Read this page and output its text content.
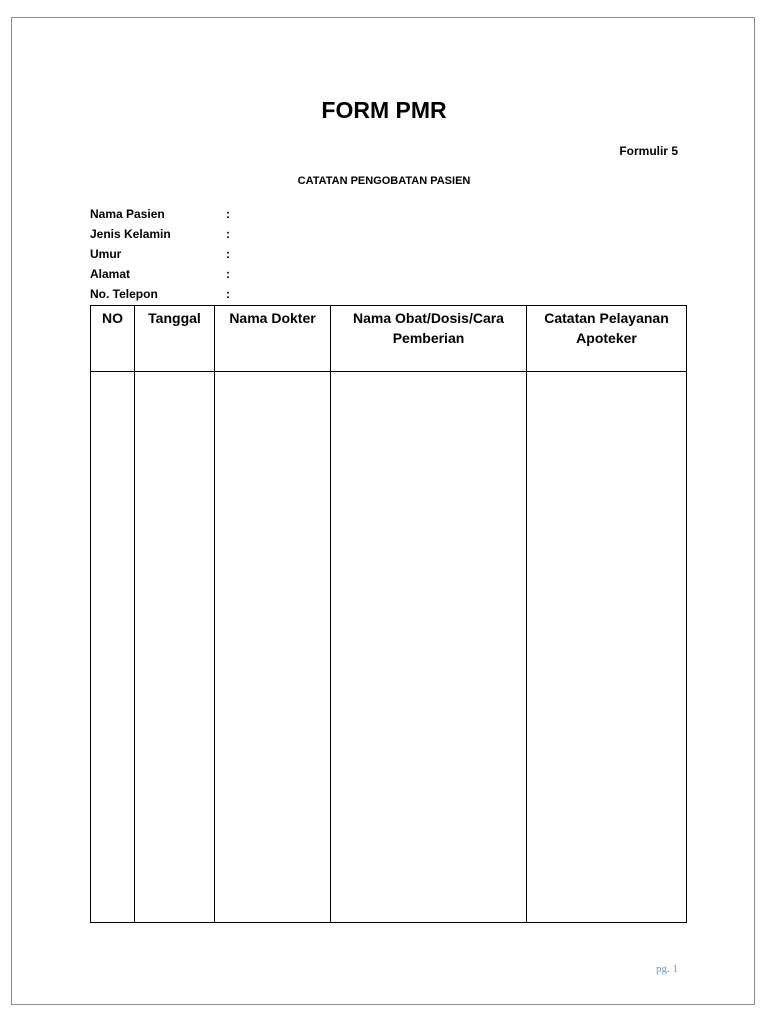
FORM PMR
Formulir 5
CATATAN PENGOBATAN PASIEN
Nama Pasien	:
Jenis Kelamin	:
Umur	:
Alamat	:
No. Telepon	:
NO	Tanggal	Nama Dokter	Nama Obat/Dosis/Cara Pemberian	Catatan Pelayanan Apoteker

pg. 1
